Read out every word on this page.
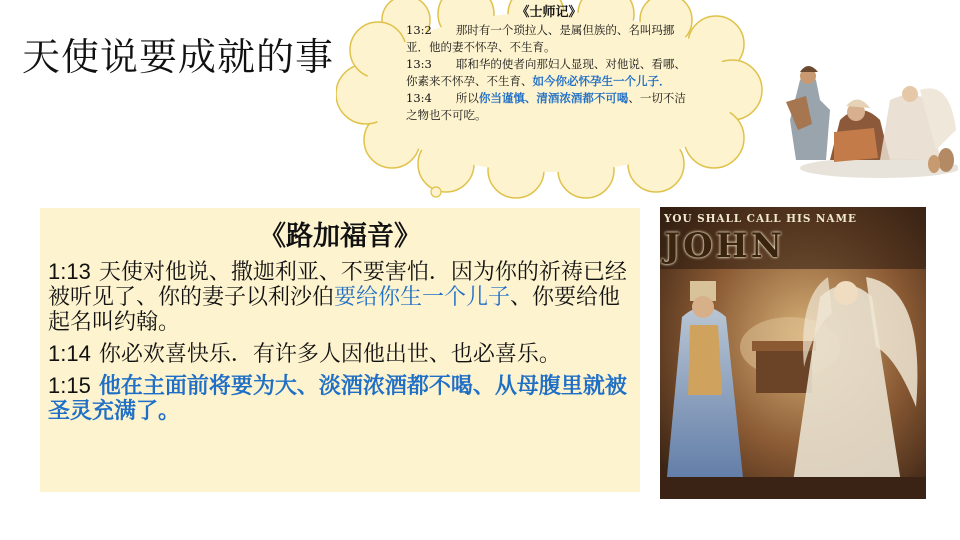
天使说要成就的事
《士师记》

13:2 那时有一个琐拉人、是属但族的、名叫玛挪亚．他的妻不怀孕、不生育。

13:3 耶和华的使者向那妇人显现、对他说、看哪、你素来不怀孕、不生育、如今你必怀孕生一个儿子．

13:4 所以你当谨慎、清酒浓酒都不可喝、一切不洁之物也不可吃。

《路加福音》
1:13 天使对他说、撒迦利亚、不要害怕．因为你的祈祷已经被听见了、你的妻子以利沙伯要给你生一个儿子、你要给他起名叫约翰。
1:14 你必欢喜快乐．有许多人因他出世、也必喜乐。
1:15 他在主面前将要为大、淡酒浓酒都不喝、从母腹里就被圣灵充满了。
YOU SHALL CALL HIS NAME
JOHN
